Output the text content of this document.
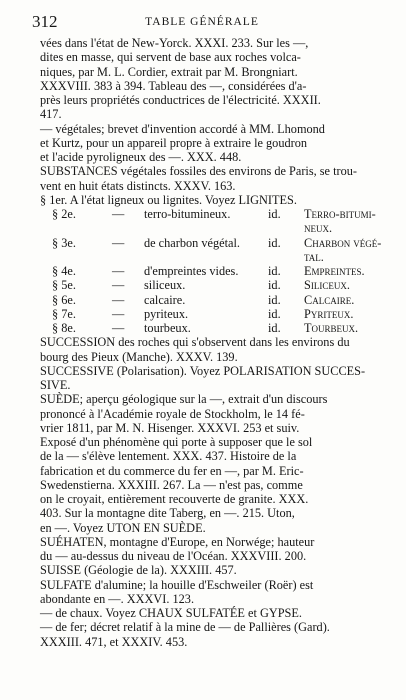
312	TABLE GÉNÉRALE
vées dans l'état de New-Yorck. XXXI. 233. Sur les —,
dites en masse, qui servent de base aux roches volca-
niques, par M. L. Cordier, extrait par M. Brongniart.
XXXVIII. 383 à 394. Tableau des —, considérées d'a-
près leurs propriétés conductrices de l'électricité. XXXII.
417.
— végétales; brevet d'invention accordé à MM. Lhomond
et Kurtz, pour un appareil propre à extraire le goudron
et l'acide pyroligneux des —. XXX. 448.
SUBSTANCES végétales fossiles des environs de Paris, se trou-
vent en huit états distincts. XXXV. 163.
§ 1er. A l'état ligneux ou lignites. Voyez LIGNITES.
§ 2e.	— terro-bitumineux.	id. Terro-bitumi-
neux.
§ 3e.	— de charbon végétal. id. Charbon végé-
tal.
§ 4e.	— d'empreintes vides. id. Empreintes.
§ 5e.	— siliceux.	id. Siliceux.
§ 6e.	— calcaire.	id. Calcaire.
§ 7e.	— pyriteux.	id. Pyriteux.
§ 8e.	— tourbeux.	id. Tourbeux.
SUCCESSION des roches qui s'observent dans les environs du
bourg des Pieux (Manche). XXXV. 139.
SUCCESSIVE (Polarisation). Voyez POLARISATION SUCCES-
SIVE.
SUÈDE; aperçu géologique sur la —, extrait d'un discours
prononcé à l'Académie royale de Stockholm, le 14 fé-
vrier 1811, par M. N. Hisenger. XXXVI. 253 et suiv.
Exposé d'un phénomène qui porte à supposer que le sol
de la — s'élève lentement. XXX. 437. Histoire de la
fabrication et du commerce du fer en —, par M. Eric-
Swedenstierna. XXXIII. 267. La — n'est pas, comme
on le croyait, entièrement recouverte de granite. XXX.
403. Sur la montagne dite Taberg, en —. 215. Uton,
en —. Voyez UTON EN SUÈDE.
SUÉHATEN, montagne d'Europe, en Norwége; hauteur
du — au-dessus du niveau de l'Océan. XXXVIII. 200.
SUISSE (Géologie de la). XXXIII. 457.
SULFATE d'alumine; la houille d'Eschweiler (Roër) est
abondante en —. XXXVI. 123.
— de chaux. Voyez CHAUX SULFATÉE et GYPSE.
— de fer; décret relatif à la mine de — de Pallières (Gard).
XXXIII. 471, et XXXIV. 453.
